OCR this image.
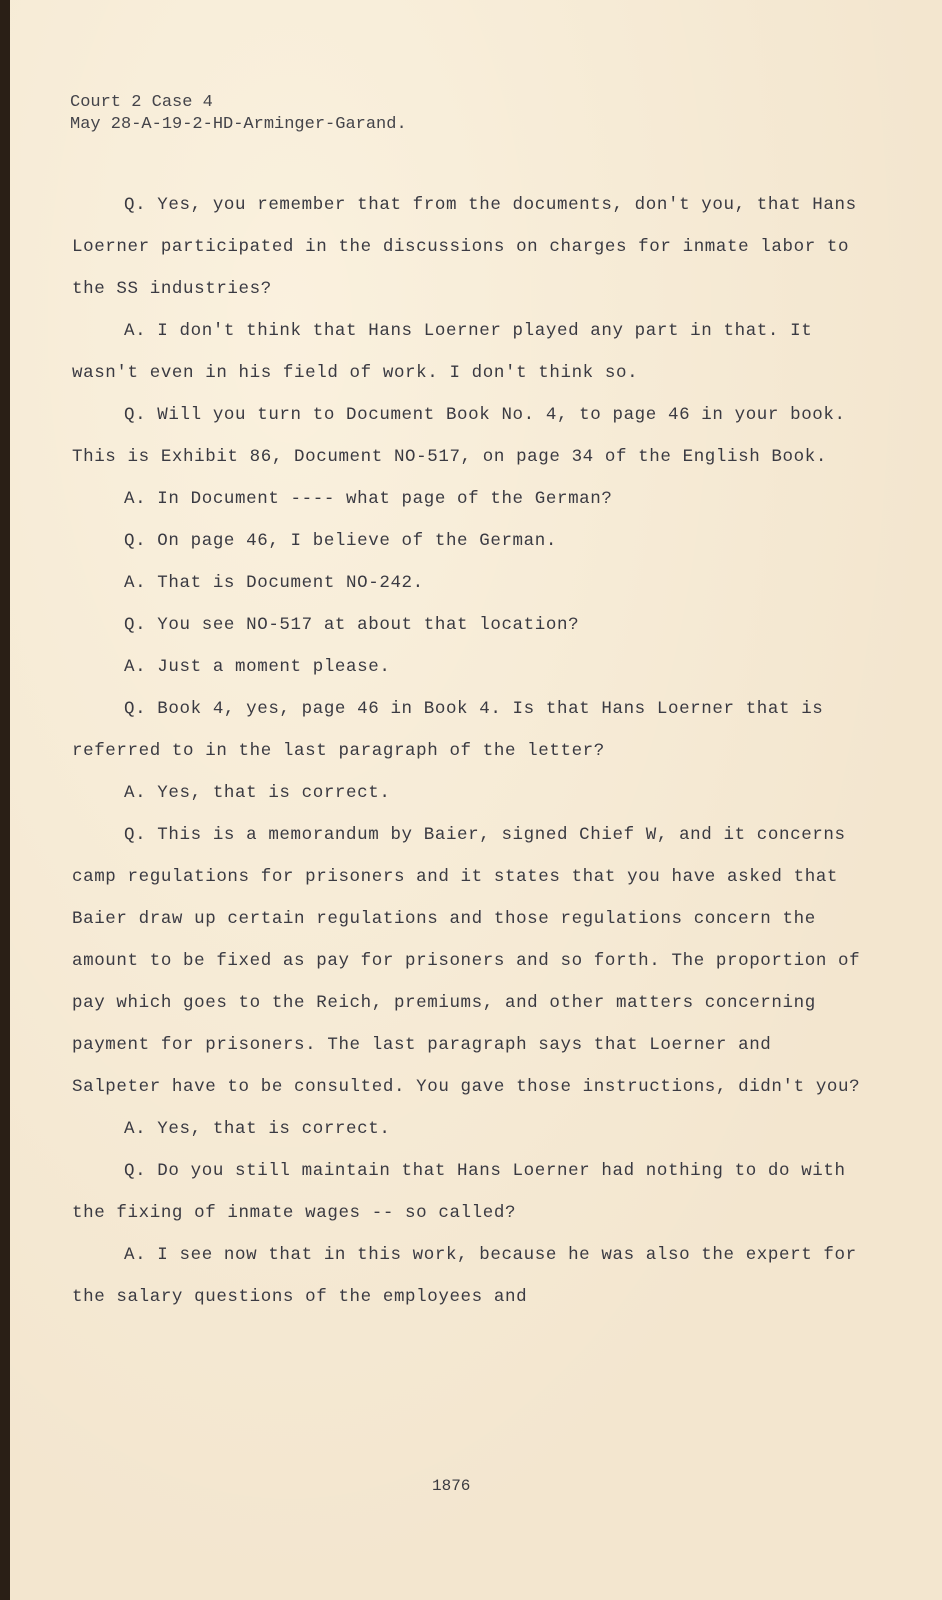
Court 2 Case 4
May 28-A-19-2-HD-Arminger-Garand.

Q. Yes, you remember that from the documents, don't you, that Hans Loerner participated in the discussions on charges for inmate labor to the SS industries?

A. I don't think that Hans Loerner played any part in that. It wasn't even in his field of work. I don't think so.

Q. Will you turn to Document Book No. 4, to page 46 in your book. This is Exhibit 86, Document NO-517, on page 34 of the English Book.

A. In Document ---- what page of the German?

Q. On page 46, I believe of the German.

A. That is Document NO-242.

Q. You see NO-517 at about that location?

A. Just a moment please.

Q. Book 4, yes, page 46 in Book 4. Is that Hans Loerner that is referred to in the last paragraph of the letter?

A. Yes, that is correct.

Q. This is a memorandum by Baier, signed Chief W, and it concerns camp regulations for prisoners and it states that you have asked that Baier draw up certain regulations and those regulations concern the amount to be fixed as pay for prisoners and so forth. The proportion of pay which goes to the Reich, premiums, and other matters concerning payment for prisoners. The last paragraph says that Loerner and Salpeter have to be consulted. You gave those instructions, didn't you?

A. Yes, that is correct.

Q. Do you still maintain that Hans Loerner had nothing to do with the fixing of inmate wages -- so called?

A. I see now that in this work, because he was also the expert for the salary questions of the employees and

1876
